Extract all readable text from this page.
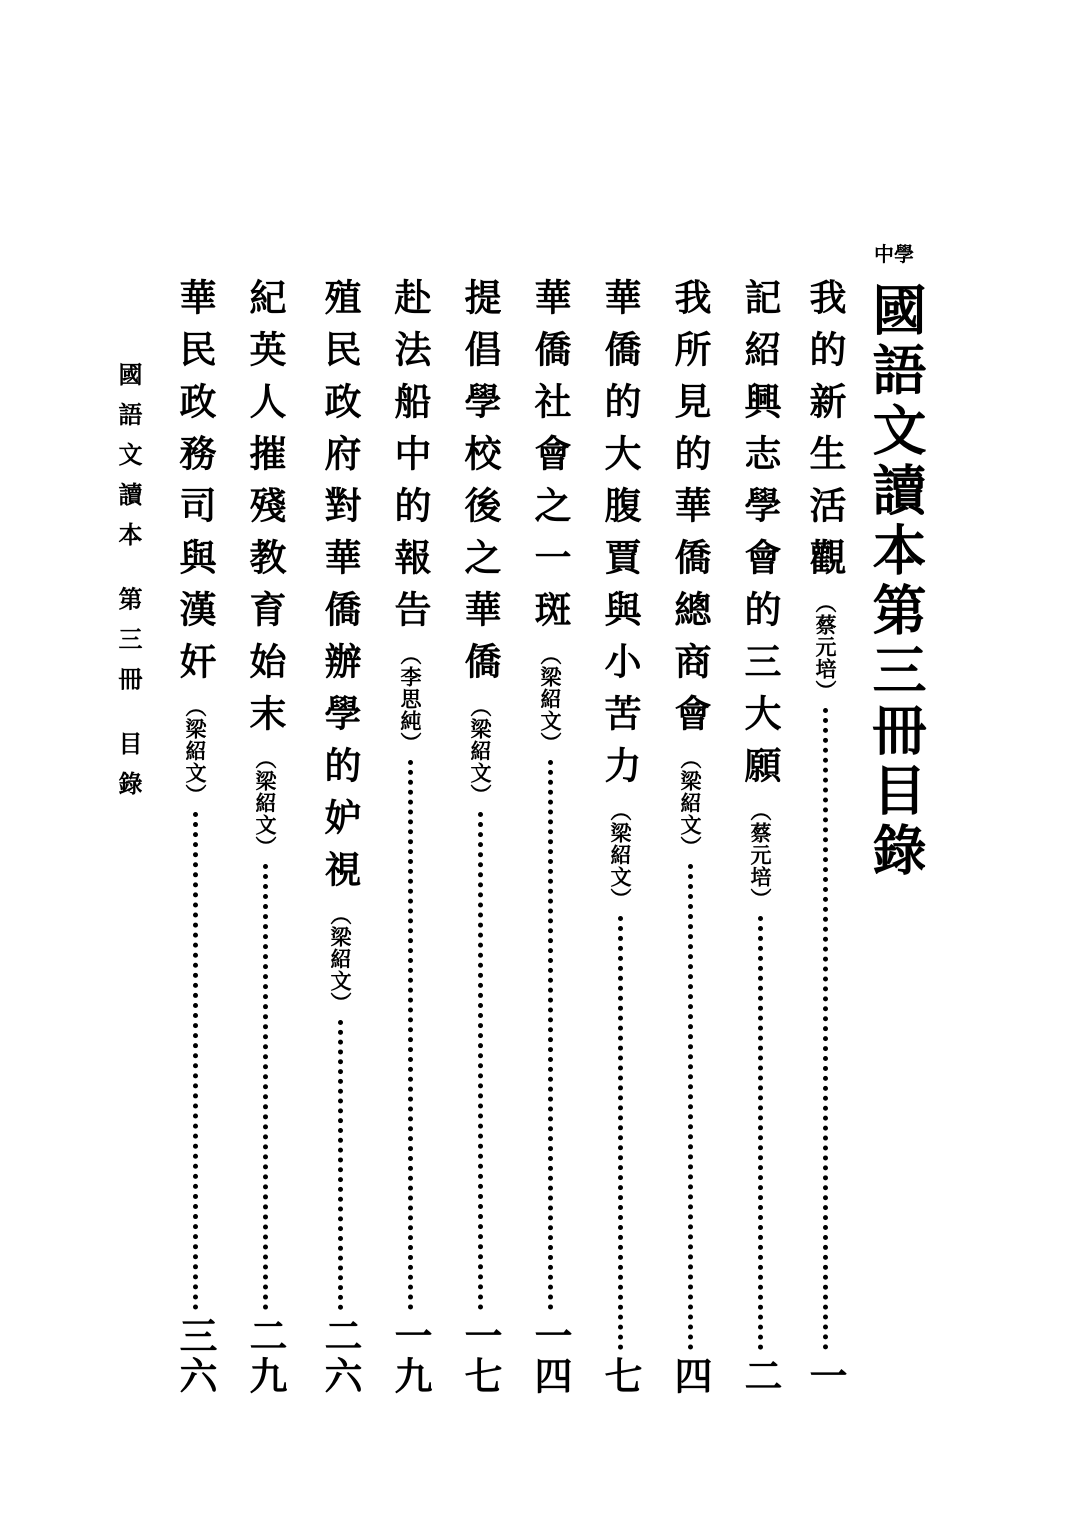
中學
國語文讀本第三冊目錄
我的新生活觀
（蔡元培）
一
記紹興志學會的三大願
（蔡元培）
二
我所見的華僑總商會
（梁紹文）
四
華僑的大腹賈與小苦力
（梁紹文）
七
華僑社會之一斑
（梁紹文）
一四
提倡學校後之華僑
（梁紹文）
一七
赴法船中的報告
（李思純）
一九
殖民政府對華僑辦學的妒視
（梁紹文）
二六
紀英人摧殘教育始末
（梁紹文）
二九
華民政務司與漢奸
（梁紹文）
三六
國語文讀本 第三冊 目錄
